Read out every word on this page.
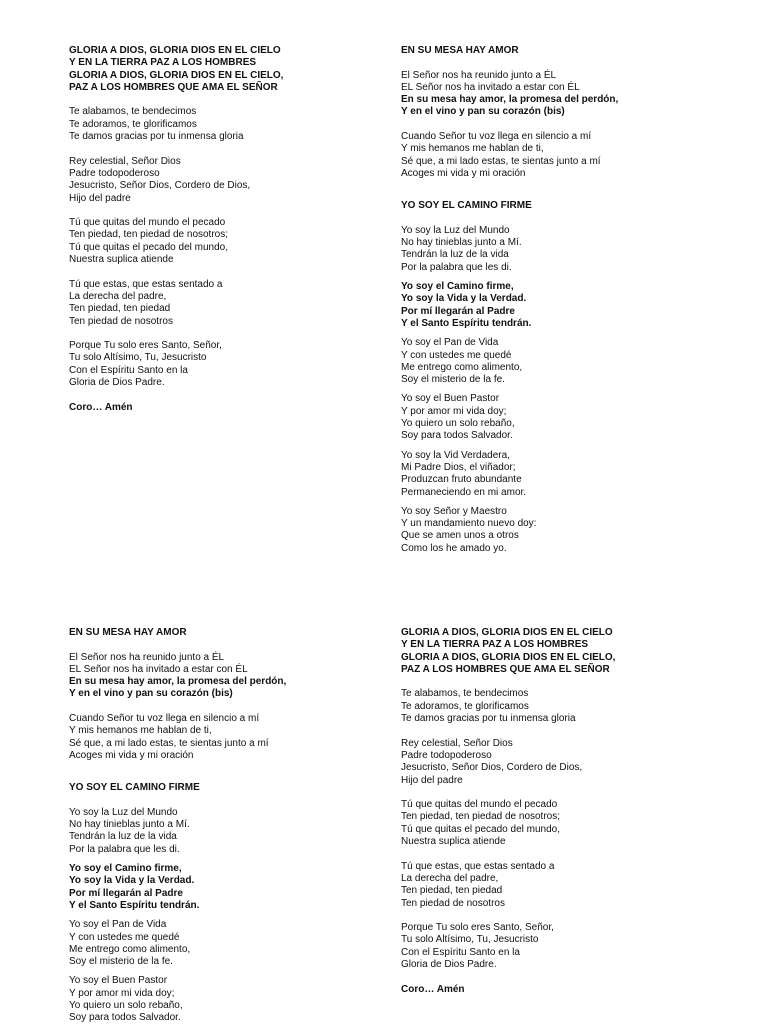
GLORIA A DIOS, GLORIA DIOS EN EL CIELO
Y EN LA TIERRA PAZ A LOS HOMBRES
GLORIA A DIOS, GLORIA DIOS EN EL CIELO,
PAZ A LOS HOMBRES QUE AMA EL SEÑOR
Te alabamos, te bendecimos
Te adoramos, te glorificamos
Te damos gracias por tu inmensa gloria
Rey celestial, Señor Dios
Padre todopoderoso
Jesucristo, Señor Dios, Cordero de Dios,
Hijo del padre
Tú que quitas del mundo el pecado
Ten piedad, ten piedad de nosotros;
Tú que quitas el pecado del mundo,
Nuestra suplica atiende
Tú que estas, que estas sentado a
La derecha del padre,
Ten piedad, ten piedad
Ten piedad de nosotros
Porque Tu solo eres Santo, Señor,
Tu solo Altísimo, Tu, Jesucristo
Con el Espíritu Santo en la
Gloria de Dios Padre.
Coro… Amén
EN SU MESA HAY AMOR
El Señor nos ha reunido junto a ÉL
EL Señor nos ha invitado a estar con ÉL
En su mesa hay amor, la promesa del perdón,
Y en el vino y pan su corazón (bis)
Cuando Señor tu voz llega en silencio a mí
Y mis hemanos me hablan de ti,
Sé que, a mi lado estas, te sientas junto a mí
Acoges mi vida y mi oración
YO SOY EL CAMINO FIRME
Yo soy la Luz del Mundo
No hay tinieblas junto a Mí.
Tendrán la luz de la vida
Por la palabra que les di.
Yo soy el Camino firme,
Yo soy la Vida y la Verdad.
Por mí llegarán al Padre
Y el Santo Espíritu tendrán.
Yo soy el Pan de Vida
Y con ustedes me quedé
Me entrego como alimento,
Soy el misterio de la fe.
Yo soy el Buen Pastor
Y por amor mi vida doy;
Yo quiero un solo rebaño,
Soy para todos Salvador.
Yo soy la Vid Verdadera,
Mi Padre Dios, el viñador;
Produzcan fruto abundante
Permaneciendo en mi amor.
Yo soy Señor y Maestro
Y un mandamiento nuevo doy:
Que se amen unos a otros
Como los he amado yo.
EN SU MESA HAY AMOR
El Señor nos ha reunido junto a ÉL
EL Señor nos ha invitado a estar con ÉL
En su mesa hay amor, la promesa del perdón,
Y en el vino y pan su corazón (bis)
Cuando Señor tu voz llega en silencio a mí
Y mis hemanos me hablan de ti,
Sé que, a mi lado estas, te sientas junto a mí
Acoges mi vida y mi oración
YO SOY EL CAMINO FIRME
Yo soy la Luz del Mundo
No hay tinieblas junto a Mí.
Tendrán la luz de la vida
Por la palabra que les di.
Yo soy el Camino firme,
Yo soy la Vida y la Verdad.
Por mí llegarán al Padre
Y el Santo Espíritu tendrán.
Yo soy el Pan de Vida
Y con ustedes me quedé
Me entrego como alimento,
Soy el misterio de la fe.
Yo soy el Buen Pastor
Y por amor mi vida doy;
Yo quiero un solo rebaño,
Soy para todos Salvador.
GLORIA A DIOS, GLORIA DIOS EN EL CIELO
Y EN LA TIERRA PAZ A LOS HOMBRES
GLORIA A DIOS, GLORIA DIOS EN EL CIELO,
PAZ A LOS HOMBRES QUE AMA EL SEÑOR
Te alabamos, te bendecimos
Te adoramos, te glorificamos
Te damos gracias por tu inmensa gloria
Rey celestial, Señor Dios
Padre todopoderoso
Jesucristo, Señor Dios, Cordero de Dios,
Hijo del padre
Tú que quitas del mundo el pecado
Ten piedad, ten piedad de nosotros;
Tú que quitas el pecado del mundo,
Nuestra suplica atiende
Tú que estas, que estas sentado a
La derecha del padre,
Ten piedad, ten piedad
Ten piedad de nosotros
Porque Tu solo eres Santo, Señor,
Tu solo Altísimo, Tu, Jesucristo
Con el Espíritu Santo en la
Gloria de Dios Padre.
Coro… Amén
